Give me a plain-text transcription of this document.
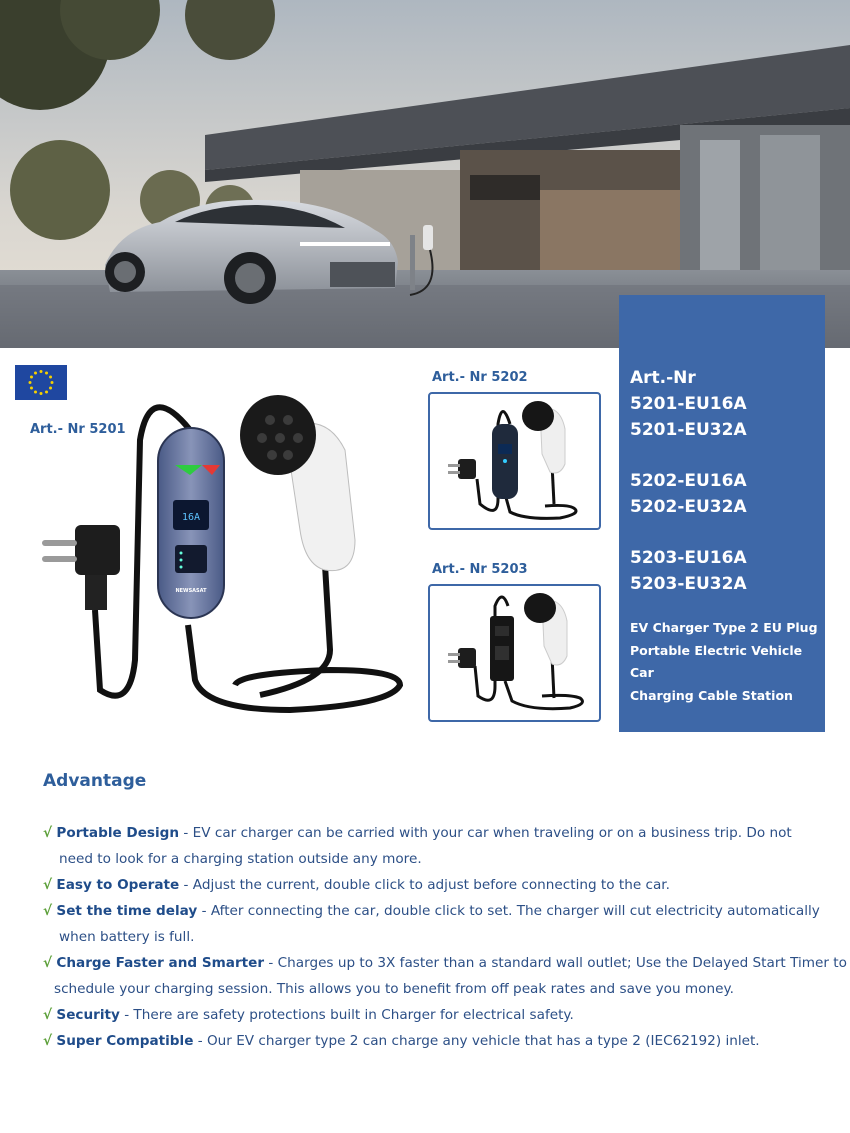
Art.-Nr
5201-EU16A
5201-EU32A
5202-EU16A
5202-EU32A
5203-EU16A
5203-EU32A
EV Charger Type 2 EU Plug
Portable Electric Vehicle Car
Charging Cable Station
Art.- Nr 5201
Art.- Nr 5202
Art.- Nr 5203
16A
NEWSASAT
Advantage
√ Portable Design - EV car charger can be carried with your car when traveling or on a business trip. Do not
need to look for a charging station outside any more.
√ Easy to Operate - Adjust the current, double click to adjust before connecting to the car.
√ Set the time delay - After connecting the car, double click to set. The charger will cut electricity automatically
when battery is full.
√ Charge Faster and Smarter - Charges up to 3X faster than a standard wall outlet; Use the Delayed Start Timer to
schedule your charging session. This allows you to benefit from off peak rates and save you money.
√ Security - There are safety protections built in Charger for electrical safety.
√ Super Compatible - Our EV charger type 2 can charge any vehicle that has a type 2 (IEC62192) inlet.
